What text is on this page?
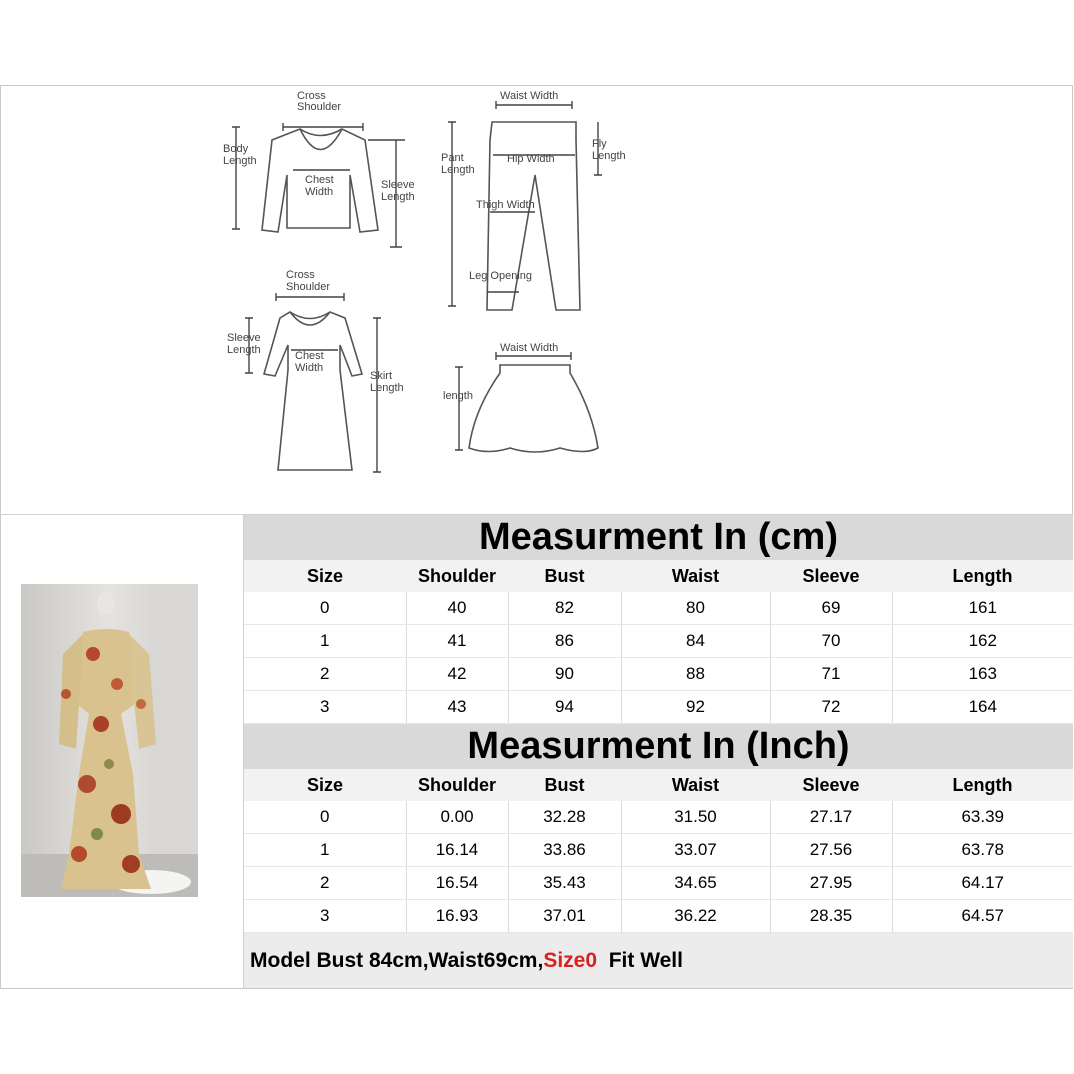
Cross
Shoulder
Body
Length
Chest
Width
Sleeve
Length
Waist Width
Pant
Length
Hip Width
Fly
Length
Thigh Width
Leg Opening
Cross
Shoulder
Sleeve
Length	Chest
Width
Skirt
Length
Waist Width
length
Measurment In (cm)					
Size	Shoulder	Bust	Waist	Sleeve	Length
0	40	82	80	69	161
1	41	86	84	70	162
2	42	90	88	71	163
3	43	94	92	72	164
Measurment In (Inch)					
Size	Shoulder	Bust	Waist	Sleeve	Length
0	0.00	32.28	31.50	27.17	63.39
1	16.14	33.86	33.07	27.56	63.78
2	16.54	35.43	34.65	27.95	64.17
3	16.93	37.01	36.22	28.35	64.57
Model Bust 84cm,Waist69cm,Size0  Fit Well					
